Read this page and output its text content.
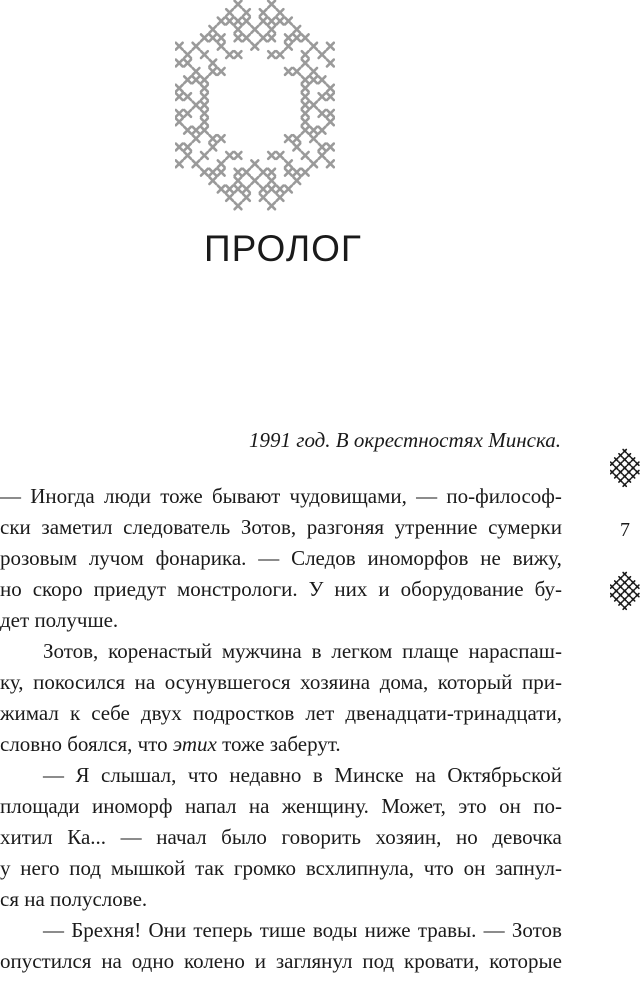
ПРОЛОГ
1991 год. В окрестностях Минска.
— Иногда люди тоже бывают чудовищами, — по-философ-
ски заметил следователь Зотов, разгоняя утренние сумерки
розовым лучом фонарика. — Следов иноморфов не вижу,
но скоро приедут монстрологи. У них и оборудование бу-
дет
получше.
Зотов, коренастый мужчина в легком плаще нараспаш-
ку, покосился на осунувшегося хозяина дома, который при-
жимал к себе двух подростков лет двенадцати-тринадцати,
словно
боялся,
что
этих
тоже
заберут.
— Я слышал, что недавно в Минске на Октябрьской
площади иноморф напал на женщину. Может, это он по-
хитил Ка... — начал было говорить хозяин, но девочка
у него под мышкой так громко всхлипнула, что он запнул-
ся
на
полуслове.
— Брехня! Они теперь тише воды ниже травы. — Зотов
опустился на одно колено и заглянул под кровати, которые
7
